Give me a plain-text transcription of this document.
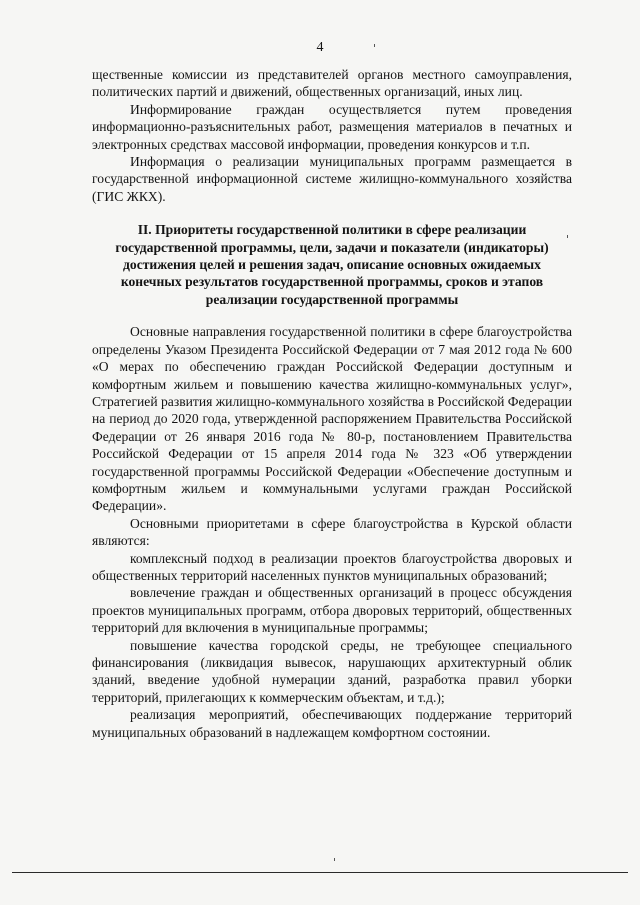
4

щественные комиссии из представителей органов местного самоуправления, политических партий и движений, общественных организаций, иных лиц.

Информирование граждан осуществляется путем проведения информационно-разъяснительных работ, размещения материалов в печатных и электронных средствах массовой информации, проведения конкурсов и т.п.

Информация о реализации муниципальных программ размещается в государственной информационной системе жилищно-коммунального хозяйства (ГИС ЖКХ).

II. Приоритеты государственной политики в сфере реализации государственной программы, цели, задачи и показатели (индикаторы) достижения целей и решения задач, описание основных ожидаемых конечных результатов государственной программы, сроков и этапов реализации государственной программы

Основные направления государственной политики в сфере благоустройства определены Указом Президента Российской Федерации от 7 мая 2012 года № 600 «О мерах по обеспечению граждан Российской Федерации доступным и комфортным жильем и повышению качества жилищно-коммунальных услуг», Стратегией развития жилищно-коммунального хозяйства в Российской Федерации на период до 2020 года, утвержденной распоряжением Правительства Российской Федерации от 26 января 2016 года № 80-р, постановлением Правительства Российской Федерации от 15 апреля 2014 года № 323 «Об утверждении государственной программы Российской Федерации «Обеспечение доступным и комфортным жильем и коммунальными услугами граждан Российской Федерации».

Основными приоритетами в сфере благоустройства в Курской области являются:

комплексный подход в реализации проектов благоустройства дворовых и общественных территорий населенных пунктов муниципальных образований;

вовлечение граждан и общественных организаций в процесс обсуждения проектов муниципальных программ, отбора дворовых территорий, общественных территорий для включения в муниципальные программы;

повышение качества городской среды, не требующее специального финансирования (ликвидация вывесок, нарушающих архитектурный облик зданий, введение удобной нумерации зданий, разработка правил уборки территорий, прилегающих к коммерческим объектам, и т.д.);

реализация мероприятий, обеспечивающих поддержание территорий муниципальных образований в надлежащем комфортном состоянии.
